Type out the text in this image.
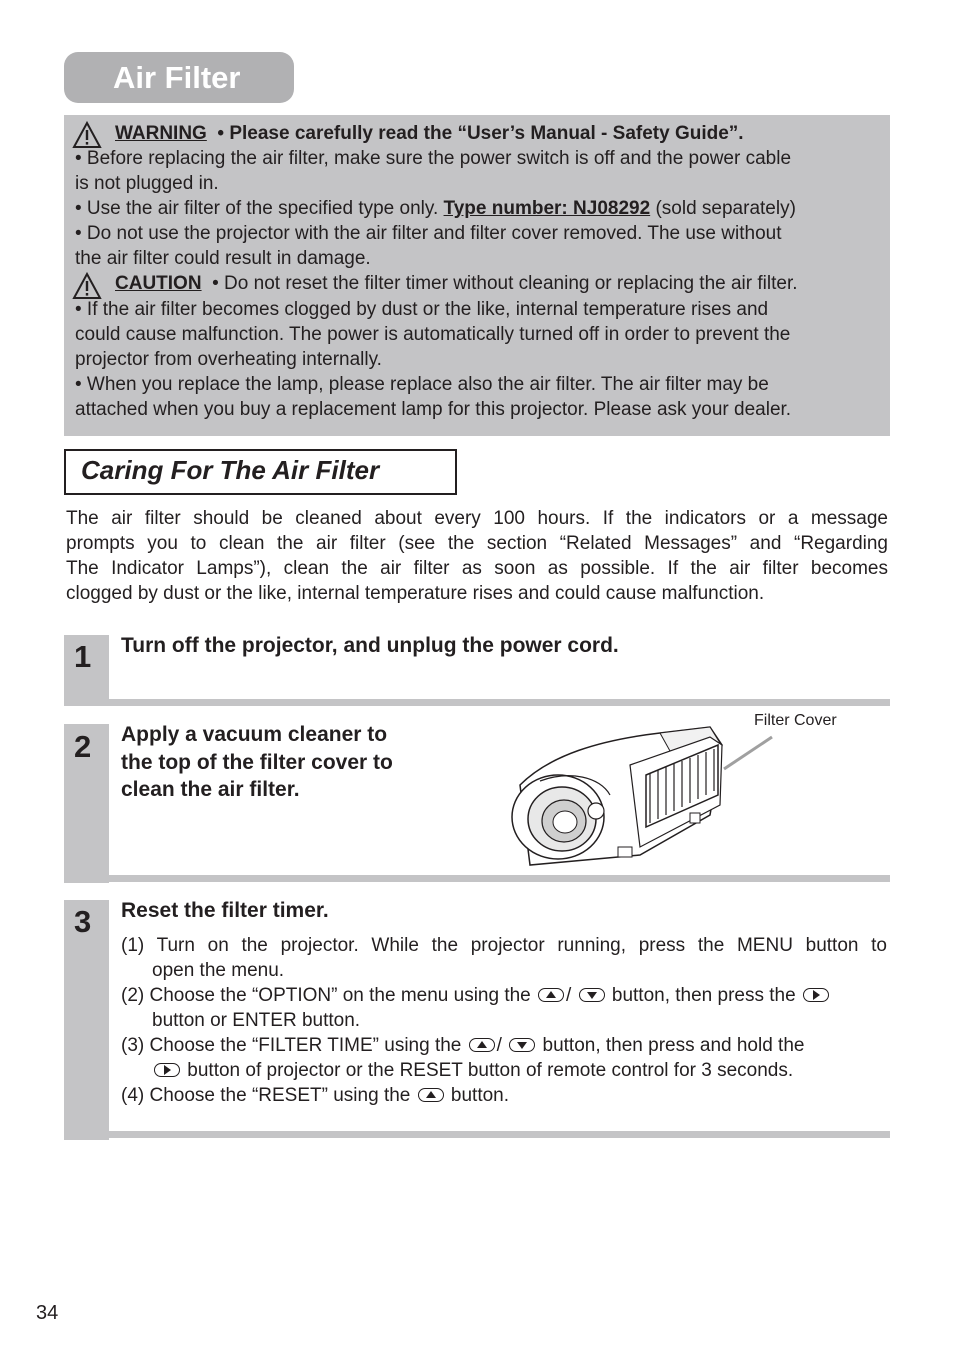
Air Filter
WARNING • Please carefully read the “User’s Manual - Safety Guide”.
• Before replacing the air filter, make sure the power switch is off and the power cable
is not plugged in.
• Use the air filter of the specified type only. Type number: NJ08292 (sold separately)
• Do not use the projector with the air filter and filter cover removed. The use without
the air filter could result in damage.
CAUTION • Do not reset the filter timer without cleaning or replacing the air filter.
• If the air filter becomes clogged by dust or the like, internal temperature rises and
could cause malfunction. The power is automatically turned off in order to prevent the
projector from overheating internally.
• When you replace the lamp, please replace also the air filter. The air filter may be
attached when you buy a replacement lamp for this projector. Please ask your dealer.
Caring For The Air Filter
The air filter should be cleaned about every 100 hours. If the indicators or a message
prompts you to clean the air filter (see the section “Related Messages” and “Regarding
The Indicator Lamps”), clean the air filter as soon as possible. If the air filter becomes
clogged by dust or the like, internal temperature rises and could cause malfunction.
1 Turn off the projector, and unplug the power cord.
2 Apply a vacuum cleaner to
the top of the filter cover to
clean the air filter.
Filter Cover
3 Reset the filter timer.
(1) Turn on the projector. While the projector running, press the MENU button to
open the menu.
(2) Choose the “OPTION” on the menu using the
/
button, then press the
button or ENTER button.
(3) Choose the “FILTER TIME” using the
/
button, then press and hold the
button of projector or the RESET button of remote control for 3 seconds.
(4) Choose the “RESET” using the
button.
34
